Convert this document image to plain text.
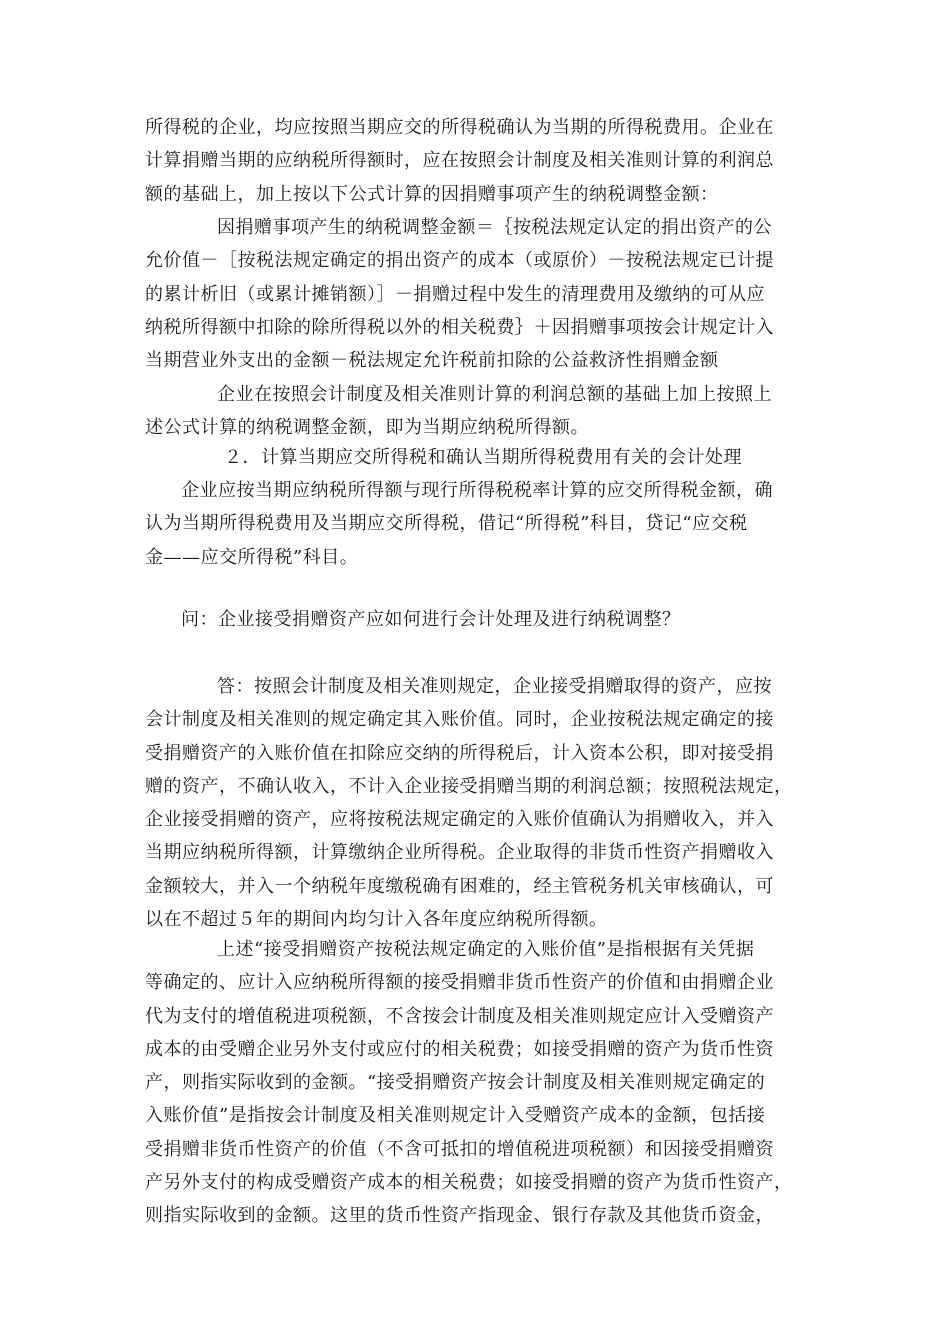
所得税的企业，均应按照当期应交的所得税确认为当期的所得税费用。企业在
计算捐赠当期的应纳税所得额时，应在按照会计制度及相关准则计算的利润总
额的基础上，加上按以下公式计算的因捐赠事项产生的纳税调整金额：
因捐赠事项产生的纳税调整金额＝｛按税法规定认定的捐出资产的公
允价值－［按税法规定确定的捐出资产的成本（或原价）－按税法规定已计提
的累计析旧（或累计摊销额）］－捐赠过程中发生的清理费用及缴纳的可从应
纳税所得额中扣除的除所得税以外的相关税费｝＋因捐赠事项按会计规定计入
当期营业外支出的金额－税法规定允许税前扣除的公益救济性捐赠金额
企业在按照会计制度及相关准则计算的利润总额的基础上加上按照上
述公式计算的纳税调整金额，即为当期应纳税所得额。
２．计算当期应交所得税和确认当期所得税费用有关的会计处理
企业应按当期应纳税所得额与现行所得税税率计算的应交所得税金额，确
认为当期所得税费用及当期应交所得税，借记“所得税”科目，贷记“应交税
金——应交所得税”科目。
问：企业接受捐赠资产应如何进行会计处理及进行纳税调整？
答：按照会计制度及相关准则规定，企业接受捐赠取得的资产，应按
会计制度及相关准则的规定确定其入账价值。同时，企业按税法规定确定的接
受捐赠资产的入账价值在扣除应交纳的所得税后，计入资本公积，即对接受捐
赠的资产，不确认收入，不计入企业接受捐赠当期的利润总额；按照税法规定，
企业接受捐赠的资产，应将按税法规定确定的入账价值确认为捐赠收入，并入
当期应纳税所得额，计算缴纳企业所得税。企业取得的非货币性资产捐赠收入
金额较大，并入一个纳税年度缴税确有困难的，经主管税务机关审核确认，可
以在不超过５年的期间内均匀计入各年度应纳税所得额。
上述“接受捐赠资产按税法规定确定的入账价值”是指根据有关凭据
等确定的、应计入应纳税所得额的接受捐赠非货币性资产的价值和由捐赠企业
代为支付的增值税进项税额，不含按会计制度及相关准则规定应计入受赠资产
成本的由受赠企业另外支付或应付的相关税费；如接受捐赠的资产为货币性资
产，则指实际收到的金额。“接受捐赠资产按会计制度及相关准则规定确定的
入账价值”是指按会计制度及相关准则规定计入受赠资产成本的金额，包括接
受捐赠非货币性资产的价值（不含可抵扣的增值税进项税额）和因接受捐赠资
产另外支付的构成受赠资产成本的相关税费；如接受捐赠的资产为货币性资产，
则指实际收到的金额。这里的货币性资产指现金、银行存款及其他货币资金，
